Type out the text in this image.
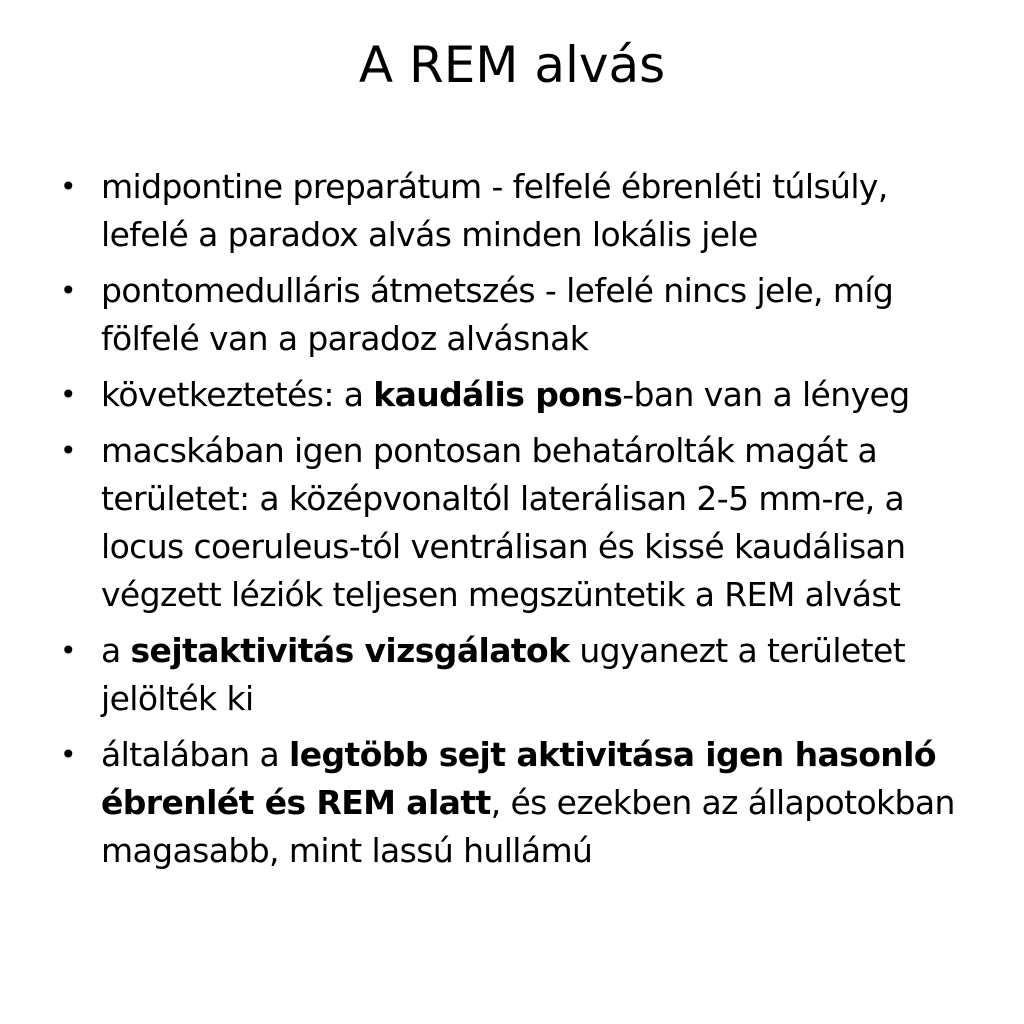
A REM alvás
• midpontine preparátum - felfelé ébrenléti túlsúly, lefelé a paradox alvás minden lokális jele
• pontomedulláris átmetszés - lefelé nincs jele, míg fölfelé van a paradoz alvásnak
• következtetés: a kaudális pons-ban van a lényeg
• macskában igen pontosan behatárolták magát a területet: a középvonaltól laterálisan 2-5 mm-re, a locus coeruleus-tól ventrálisan és kissé kaudálisan végzett léziók teljesen megszüntetik a REM alvást
• a sejtaktivitás vizsgálatok ugyanezt a területet jelölték ki
• általában a legtöbb sejt aktivitása igen hasonló ébrenlét és REM alatt, és ezekben az állapotokban magasabb, mint lassú hullámú
